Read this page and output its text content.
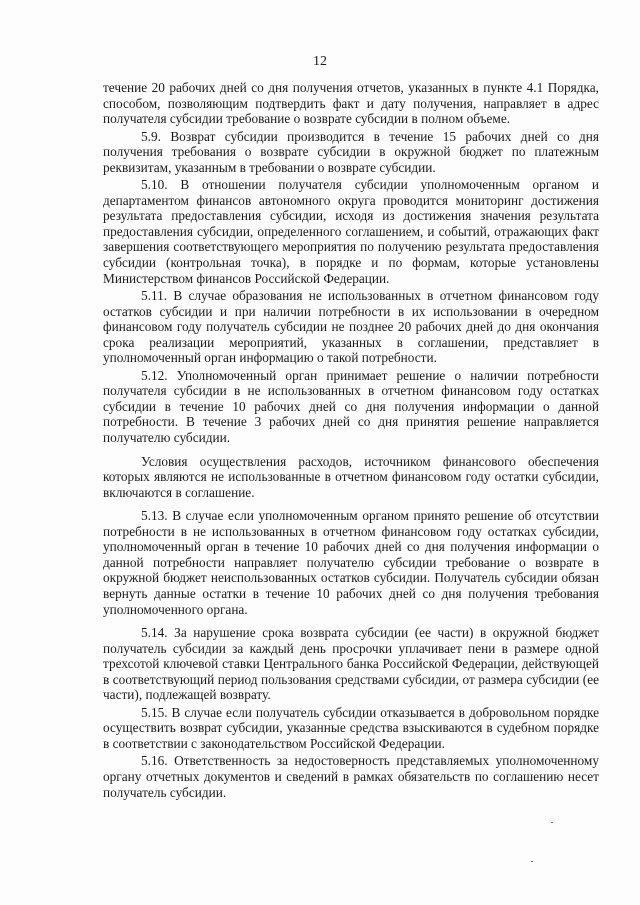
12

течение 20 рабочих дней со дня получения отчетов, указанных в пункте 4.1 Порядка, способом, позволяющим подтвердить факт и дату получения, направляет в адрес получателя субсидии требование о возврате субсидии в полном объеме.

5.9. Возврат субсидии производится в течение 15 рабочих дней со дня получения требования о возврате субсидии в окружной бюджет по платежным реквизитам, указанным в требовании о возврате субсидии.

5.10. В отношении получателя субсидии уполномоченным органом и департаментом финансов автономного округа проводится мониторинг достижения результата предоставления субсидии, исходя из достижения значения результата предоставления субсидии, определенного соглашением, и событий, отражающих факт завершения соответствующего мероприятия по получению результата предоставления субсидии (контрольная точка), в порядке и по формам, которые установлены Министерством финансов Российской Федерации.

5.11. В случае образования не использованных в отчетном финансовом году остатков субсидии и при наличии потребности в их использовании в очередном финансовом году получатель субсидии не позднее 20 рабочих дней до дня окончания срока реализации мероприятий, указанных в соглашении, представляет в уполномоченный орган информацию о такой потребности.

5.12. Уполномоченный орган принимает решение о наличии потребности получателя субсидии в не использованных в отчетном финансовом году остатках субсидии в течение 10 рабочих дней со дня получения информации о данной потребности. В течение 3 рабочих дней со дня принятия решение направляется получателю субсидии.

Условия осуществления расходов, источником финансового обеспечения которых являются не использованные в отчетном финансовом году остатки субсидии, включаются в соглашение.

5.13. В случае если уполномоченным органом принято решение об отсутствии потребности в не использованных в отчетном финансовом году остатках субсидии, уполномоченный орган в течение 10 рабочих дней со дня получения информации о данной потребности направляет получателю субсидии требование о возврате в окружной бюджет неиспользованных остатков субсидии. Получатель субсидии обязан вернуть данные остатки в течение 10 рабочих дней со дня получения требования уполномоченного органа.

5.14. За нарушение срока возврата субсидии (ее части) в окружной бюджет получатель субсидии за каждый день просрочки уплачивает пени в размере одной трехсотой ключевой ставки Центрального банка Российской Федерации, действующей в соответствующий период пользования средствами субсидии, от размера субсидии (ее части), подлежащей возврату.

5.15. В случае если получатель субсидии отказывается в добровольном порядке осуществить возврат субсидии, указанные средства взыскиваются в судебном порядке в соответствии с законодательством Российской Федерации.

5.16. Ответственность за недостоверность представляемых уполномоченному органу отчетных документов и сведений в рамках обязательств по соглашению несет получатель субсидии.
